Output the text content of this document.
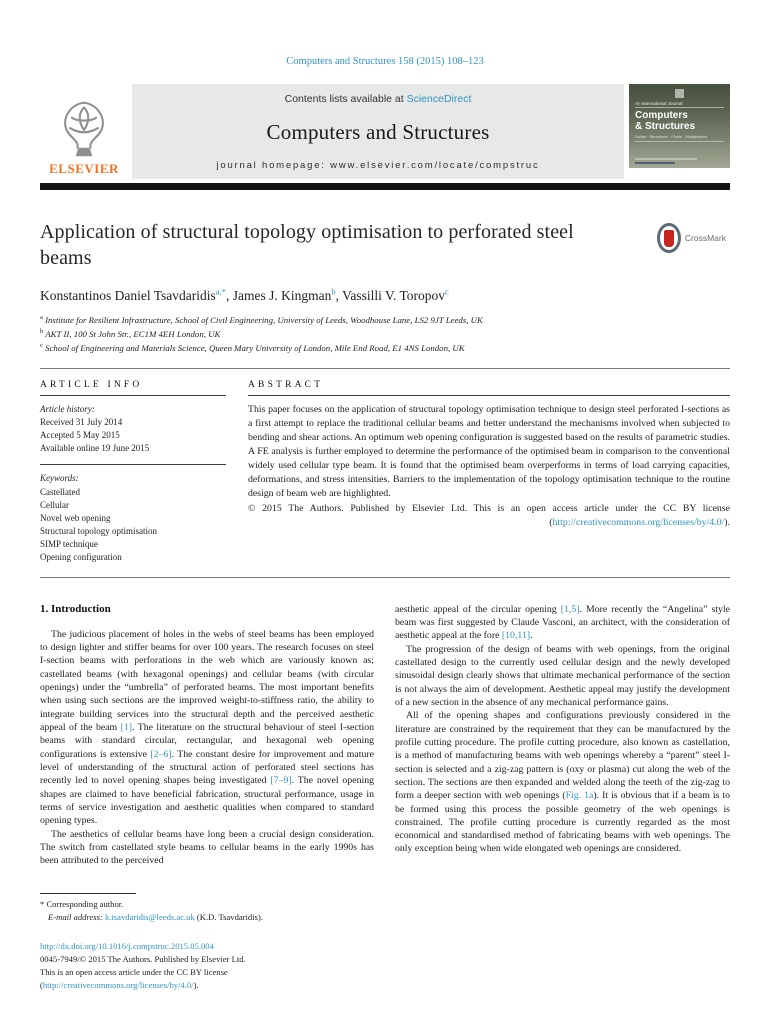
Computers and Structures 158 (2015) 108–123
ELSEVIER
Contents lists available at ScienceDirect
Computers and Structures
journal homepage: www.elsevier.com/locate/compstruc
An International Journal
Computers
& Structures
Solids · Structures · Fluids · Multiphysics
Application of structural topology optimisation to perforated steel beams
CrossMark
Konstantinos Daniel Tsavdaridis$^{a,*}$, James J. Kingman$^b$, Vassilli V. Toropov$^c$
$^a$ Institute for Resilient Infrastructure, School of Civil Engineering, University of Leeds, Woodhouse Lane, LS2 9JT Leeds, UK
$^b$ AKT II, 100 St John Str., EC1M 4EH London, UK
$^c$ School of Engineering and Materials Science, Queen Mary University of London, Mile End Road, E1 4NS London, UK
ARTICLE INFO
Article history:
Received 31 July 2014
Accepted 5 May 2015
Available online 19 June 2015
Keywords:
Castellated
Cellular
Novel web opening
Structural topology optimisation
SIMP technique
Opening configuration
ABSTRACT
This paper focuses on the application of structural topology optimisation technique to design steel perforated I-sections as a first attempt to replace the traditional cellular beams and better understand the mechanisms involved when subjected to bending and shear actions. An optimum web opening configuration is suggested based on the results of parametric studies. A FE analysis is further employed to determine the performance of the optimised beam in comparison to the conventional widely used cellular type beam. It is found that the optimised beam overperforms in terms of load carrying capacities, deformations, and stress intensities. Barriers to the implementation of the topology optimisation technique to the routine design of beam web are highlighted.
© 2015 The Authors. Published by Elsevier Ltd. This is an open access article under the CC BY license (http://creativecommons.org/licenses/by/4.0/).
1. Introduction

The judicious placement of holes in the webs of steel beams has been employed to design lighter and stiffer beams for over 100 years. The research focuses on steel I-section beams with perforations in the web which are variously known as; castellated beams (with hexagonal openings) and cellular beams (with circular openings) under the “umbrella” of perforated beams. The most important benefits when using such sections are the improved weight-to-stiffness ratio, the ability to integrate building services into the structural depth and the perceived aesthetic appeal of the beam [1]. The literature on the structural behaviour of steel I-section beams with standard circular, rectangular, and hexagonal web opening configurations is extensive [2–6]. The constant desire for improvement and mature level of understanding of the structural action of perforated steel sections has recently led to novel opening shapes being investigated [7–9]. The novel opening shapes are claimed to have beneficial fabrication, structural performance, usage in terms of service investigation and aesthetic qualities when compared to standard opening types.

The aesthetics of cellular beams have long been a crucial design consideration. The switch from castellated style beams to cellular beams in the early 1990s has been attributed to the perceived

* Corresponding author.
E-mail address: k.tsavdaridis@leeds.ac.uk (K.D. Tsavdaridis).
http://dx.doi.org/10.1016/j.compstruc.2015.05.004
0045-7949/© 2015 The Authors. Published by Elsevier Ltd.
This is an open access article under the CC BY license (http://creativecommons.org/licenses/by/4.0/).

aesthetic appeal of the circular opening [1,5]. More recently the “Angelina” style beam was first suggested by Claude Vasconi, an architect, with the consideration of aesthetic appeal at the fore [10,11].

The progression of the design of beams with web openings, from the original castellated design to the currently used cellular design and the newly developed sinusoidal design clearly shows that ultimate mechanical performance of the section is not always the aim of development. Aesthetic appeal may justify the development of a new section in the absence of any mechanical performance gains.

All of the opening shapes and configurations previously considered in the literature are constrained by the requirement that they can be manufactured by the profile cutting procedure. The profile cutting procedure, also known as castellation, is a method of manufacturing beams with web openings whereby a “parent” steel I-section is selected and a zig-zag pattern is (oxy or plasma) cut along the web of the section. The sections are then expanded and welded along the teeth of the zig-zag to form a deeper section with web openings (Fig. 1a). It is obvious that if a beam is to be formed using this process the possible geometry of the web openings is constrained. The profile cutting procedure is currently regarded as the most economical and standardised method of fabricating beams with web openings. The only exception being when wide elongated web openings are considered.
